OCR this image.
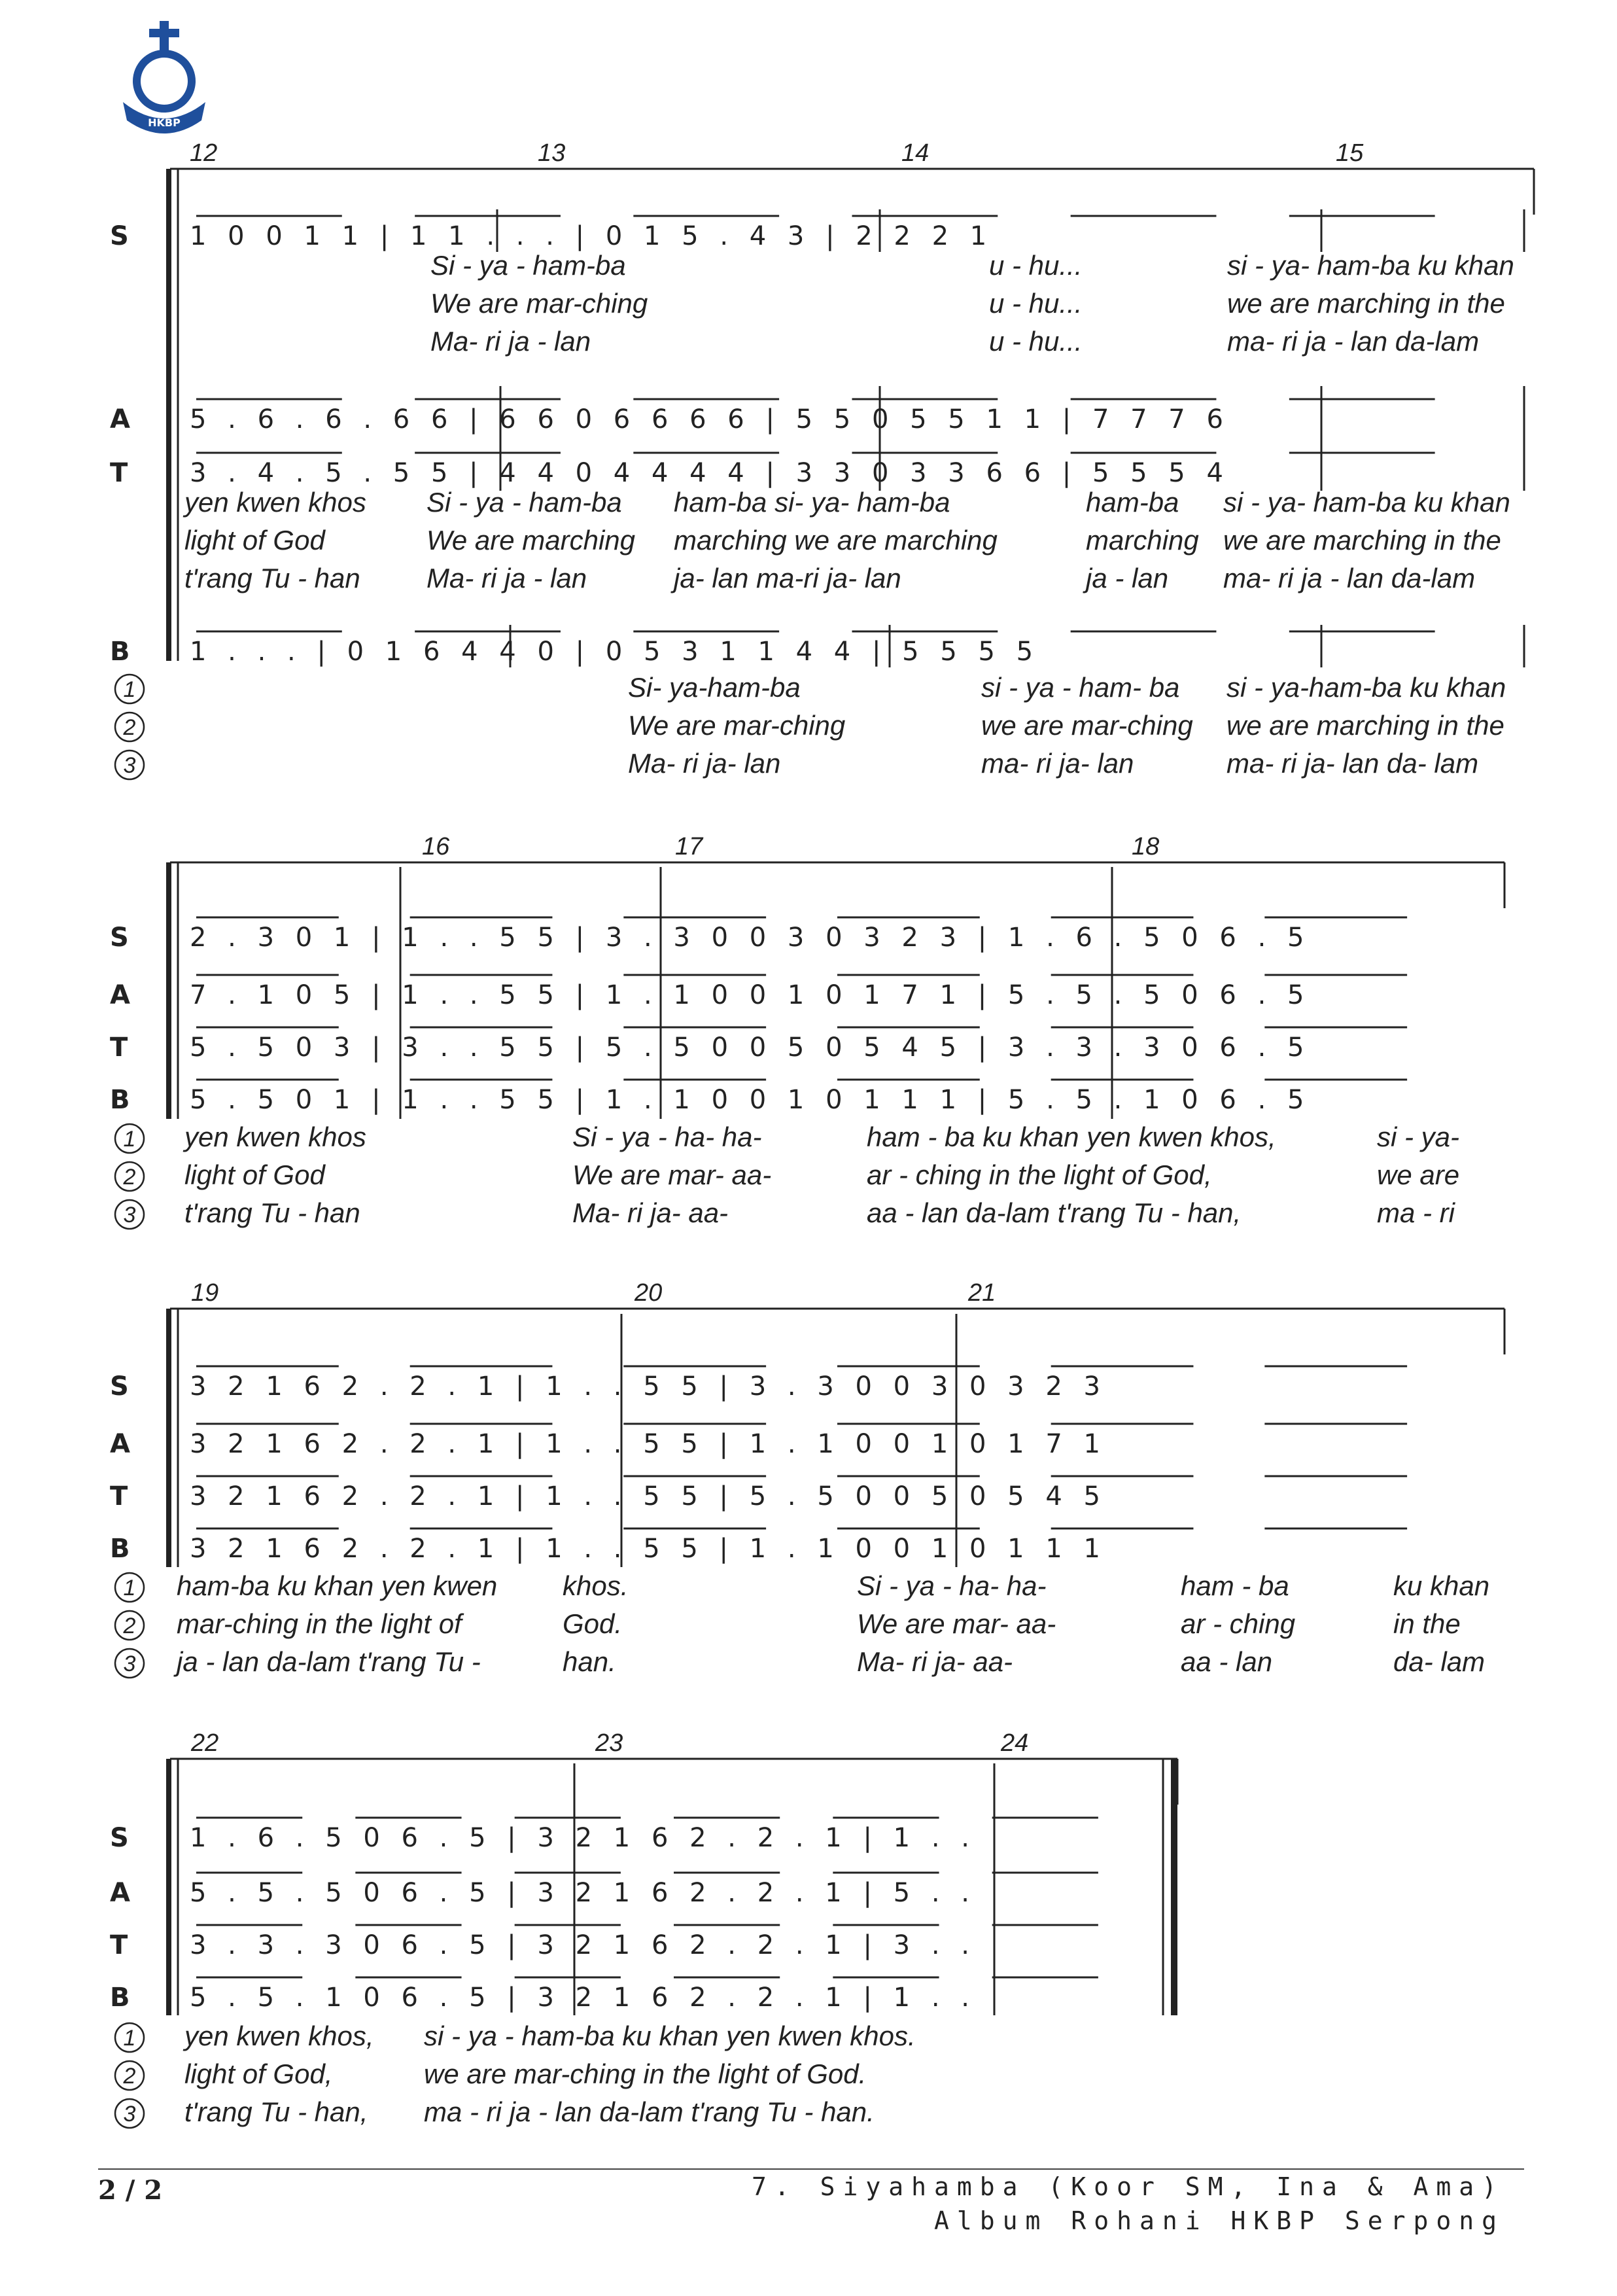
HKBP
12	13	14	15
S 1 0 0 1 1 | 1 1 . . . | 0 1 5 . 4 3 | 2 2 2 1
A 5 . 6 . 6 . 6 6 | 6 6 0 6 6 6 6 | 5 5 0 5 5 1 1 | 7 7 7 6
T 3 . 4 . 5 . 5 5 | 4 4 0 4 4 4 4 | 3 3 0 3 3 6 6 | 5 5 5 4
B 1 . . . | 0 1 6 4 4 0 | 0 5 3 1 1 4 4 | 5 5 5 5
1
2
3
Si - ya - ham-ba	u - hu...	si - ya- ham-ba ku khan
We are mar-ching	u - hu...	we are marching in the
Ma- ri ja - lan	u - hu...	ma- ri ja - lan da-lam
yen kwen khos Si - ya - ham-ba ham-ba si- ya- ham-ba	ham-ba si - ya- ham-ba ku khan
light of God	We are marching marching we are marching	marching we are marching in the
t'rang Tu - han Ma- ri ja - lan	ja- lan ma-ri ja- lan	ja - lan ma- ri ja - lan da-lam
Si- ya-ham-ba	si - ya - ham- ba si - ya-ham-ba ku khan
We are mar-ching	we are mar-ching we are marching in the
Ma- ri ja- lan	ma- ri ja- lan	ma- ri ja- lan da- lam
16	17	18
S 2 . 3 0 1 | 1 . . 5 5 | 3 . 3 0 0 3 0 3 2 3 | 1 . 6 . 5 0 6 . 5
A 7 . 1 0 5 | 1 . . 5 5 | 1 . 1 0 0 1 0 1 7 1 | 5 . 5 . 5 0 6 . 5
T 5 . 5 0 3 | 3 . . 5 5 | 5 . 5 0 0 5 0 5 4 5 | 3 . 3 . 3 0 6 . 5
B 5 . 5 0 1 | 1 . . 5 5 | 1 . 1 0 0 1 0 1 1 1 | 5 . 5 . 1 0 6 . 5
1
2
3
yen kwen khos	Si - ya - ha- ha-	ham - ba ku khan yen kwen khos,	si - ya-
light of God	We are mar- aa-	ar - ching in the light of God,	we are
t'rang Tu - han	Ma- ri ja- aa-	aa - lan da-lam t'rang Tu - han,	ma - ri
19	20	21
S 3 2 1 6 2 . 2 . 1 | 1 . . 5 5 | 3 . 3 0 0 3 0 3 2 3
A 3 2 1 6 2 . 2 . 1 | 1 . . 5 5 | 1 . 1 0 0 1 0 1 7 1
T 3 2 1 6 2 . 2 . 1 | 1 . . 5 5 | 5 . 5 0 0 5 0 5 4 5
B 3 2 1 6 2 . 2 . 1 | 1 . . 5 5 | 1 . 1 0 0 1 0 1 1 1
1
2
3
ham-ba ku khan yen kwen khos.	Si - ya - ha- ha-	ham - ba	ku khan
mar-ching in the light of	God.	We are mar- aa-	ar - ching	in the
ja - lan da-lam t'rang Tu -	han.	Ma- ri ja- aa-	aa - lan	da- lam
22	23	24
S 1 . 6 . 5 0 6 . 5 | 3 2 1 6 2 . 2 . 1 | 1 . .
A 5 . 5 . 5 0 6 . 5 | 3 2 1 6 2 . 2 . 1 | 5 . .
T 3 . 3 . 3 0 6 . 5 | 3 2 1 6 2 . 2 . 1 | 3 . .
B 5 . 5 . 1 0 6 . 5 | 3 2 1 6 2 . 2 . 1 | 1 . .
1
2
3
yen kwen khos, si - ya - ham-ba ku khan yen kwen khos.
light of God,	we are mar-ching in the light of God.
t'rang Tu - han, ma - ri ja - lan da-lam t'rang Tu - han.
2 / 2	7. Siyahamba (Koor SM, Ina & Ama)
Album Rohani HKBP Serpong
